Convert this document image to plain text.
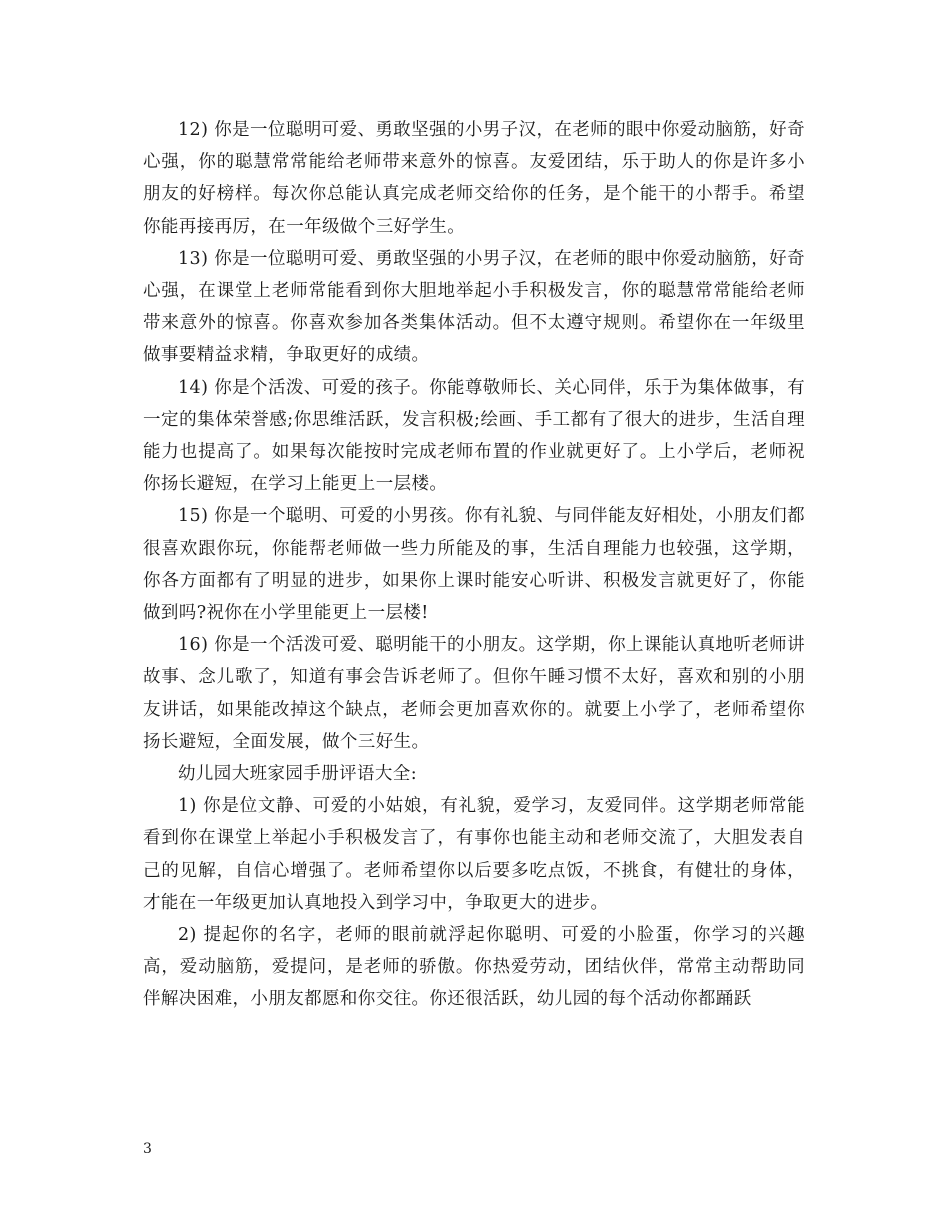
12) 你是一位聪明可爱、勇敢坚强的小男子汉，在老师的眼中你爱动脑筋，好奇心强，你的聪慧常常能给老师带来意外的惊喜。友爱团结，乐于助人的你是许多小朋友的好榜样。每次你总能认真完成老师交给你的任务，是个能干的小帮手。希望你能再接再厉，在一年级做个三好学生。

13) 你是一位聪明可爱、勇敢坚强的小男子汉，在老师的眼中你爱动脑筋，好奇心强，在课堂上老师常能看到你大胆地举起小手积极发言，你的聪慧常常能给老师带来意外的惊喜。你喜欢参加各类集体活动。但不太遵守规则。希望你在一年级里做事要精益求精，争取更好的成绩。

14) 你是个活泼、可爱的孩子。你能尊敬师长、关心同伴，乐于为集体做事，有一定的集体荣誉感;你思维活跃，发言积极;绘画、手工都有了很大的进步，生活自理能力也提高了。如果每次能按时完成老师布置的作业就更好了。上小学后，老师祝你扬长避短，在学习上能更上一层楼。

15) 你是一个聪明、可爱的小男孩。你有礼貌、与同伴能友好相处，小朋友们都很喜欢跟你玩，你能帮老师做一些力所能及的事，生活自理能力也较强，这学期，你各方面都有了明显的进步，如果你上课时能安心听讲、积极发言就更好了，你能做到吗?祝你在小学里能更上一层楼!

16) 你是一个活泼可爱、聪明能干的小朋友。这学期，你上课能认真地听老师讲故事、念儿歌了，知道有事会告诉老师了。但你午睡习惯不太好，喜欢和别的小朋友讲话，如果能改掉这个缺点，老师会更加喜欢你的。就要上小学了，老师希望你扬长避短，全面发展，做个三好生。

幼儿园大班家园手册评语大全:

1) 你是位文静、可爱的小姑娘，有礼貌，爱学习，友爱同伴。这学期老师常能看到你在课堂上举起小手积极发言了，有事你也能主动和老师交流了，大胆发表自己的见解，自信心增强了。老师希望你以后要多吃点饭，不挑食，有健壮的身体，才能在一年级更加认真地投入到学习中，争取更大的进步。

2) 提起你的名字，老师的眼前就浮起你聪明、可爱的小脸蛋，你学习的兴趣高，爱动脑筋，爱提问，是老师的骄傲。你热爱劳动，团结伙伴，常常主动帮助同伴解决困难，小朋友都愿和你交往。你还很活跃，幼儿园的每个活动你都踊跃

3
